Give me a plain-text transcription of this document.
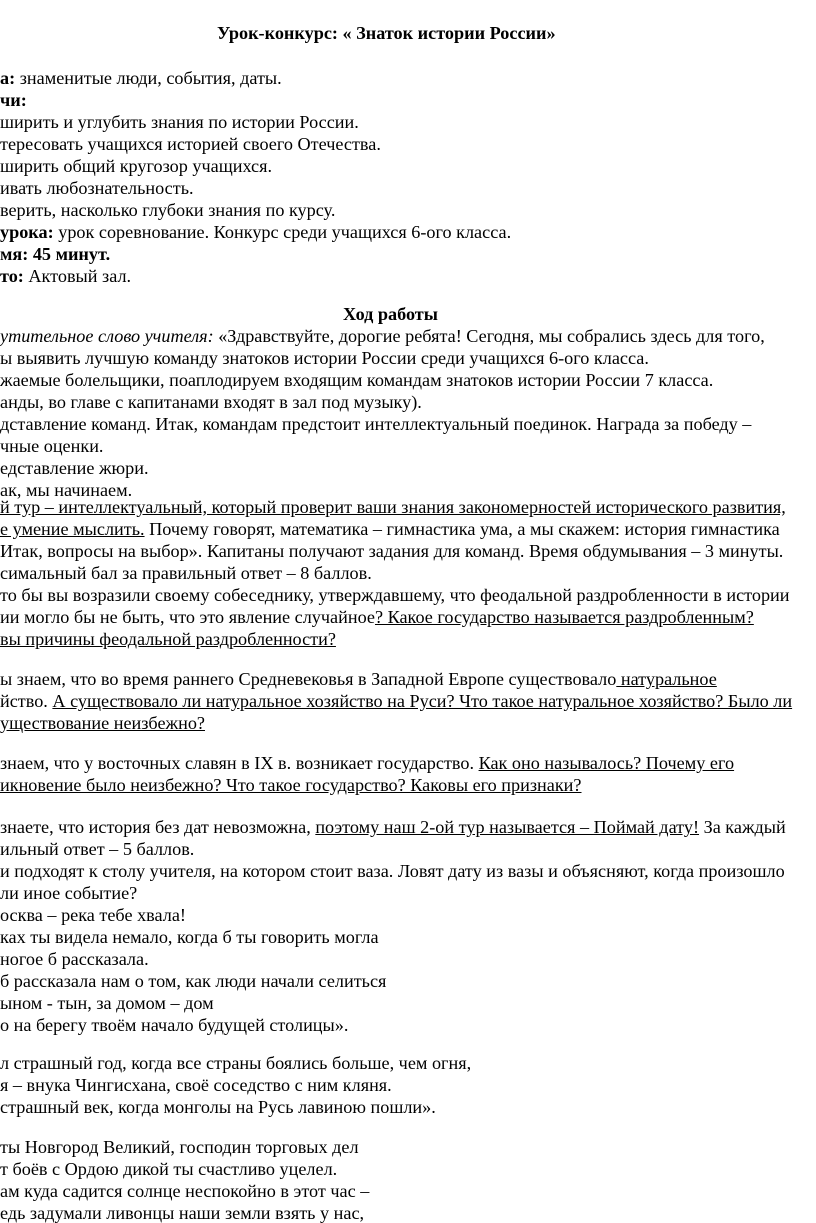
Урок-конкурс: « Знаток истории России»
а: знаменитые люди, события, даты.
чи:
ширить и углубить знания по истории России.
тересовать учащихся историей своего Отечества.
ширить общий кругозор учащихся.
ивать любознательность.
верить, насколько глубоки знания по курсу.
урока: урок соревнование. Конкурс среди учащихся 6-ого класса.
мя: 45 минут.
то: Актовый зал.
Ход работы
утительное слово учителя: «Здравствуйте, дорогие ребята! Сегодня, мы собрались здесь для того,
ы выявить лучшую команду знатоков истории России среди учащихся 6-ого класса.
жаемые болельщики, поаплодируем входящим командам знатоков истории России 7 класса.
анды, во главе с капитанами входят в зал под музыку).
дставление команд. Итак, командам предстоит интеллектуальный поединок. Награда за победу –
чные оценки.
едставление жюри.
ак, мы начинаем.
й тур – интеллектуальный, который проверит ваши знания закономерностей исторического развития,
е умение мыслить. Почему говорят, математика – гимнастика ума, а мы скажем: история гимнастика
Итак, вопросы на выбор». Капитаны получают задания для команд. Время обдумывания – 3 минуты.
симальный бал за правильный ответ – 8 баллов.
то бы вы возразили своему собеседнику, утверждавшему, что феодальной раздробленности в истории
ии могло бы не быть, что это явление случайное? Какое государство называется раздробленным?
вы причины феодальной раздробленности?
ы знаем, что во время раннего Средневековья в Западной Европе существовало натуральное
йство. А существовало ли натуральное хозяйство на Руси? Что такое натуральное хозяйство? Было ли
уществование неизбежно?
знаем, что у восточных славян в IX в. возникает государство. Как оно называлось? Почему его
икновение было неизбежно? Что такое государство? Каковы его признаки?
знаете, что история без дат невозможна, поэтому наш 2-ой тур называется – Поймай дату! За каждый
ильный ответ – 5 баллов.
и подходят к столу учителя, на котором стоит ваза. Ловят дату из вазы и объясняют, когда произошло
ли иное событие?
осква – река тебе хвала!
ках ты видела немало, когда б ты говорить могла
ногое б рассказала.
б рассказала нам о том, как люди начали селиться
ыном - тын, за домом – дом
о на берегу твоём начало будущей столицы».
л страшный год, когда все страны боялись больше, чем огня,
я – внука Чингисхана, своё соседство с ним кляня.
страшный век, когда монголы на Русь лавиною пошли».
ты Новгород Великий, господин торговых дел
т боёв с Ордою дикой ты счастливо уцелел.
ам куда садится солнце неспокойно в этот час –
едь задумали ливонцы наши земли взять у нас,
